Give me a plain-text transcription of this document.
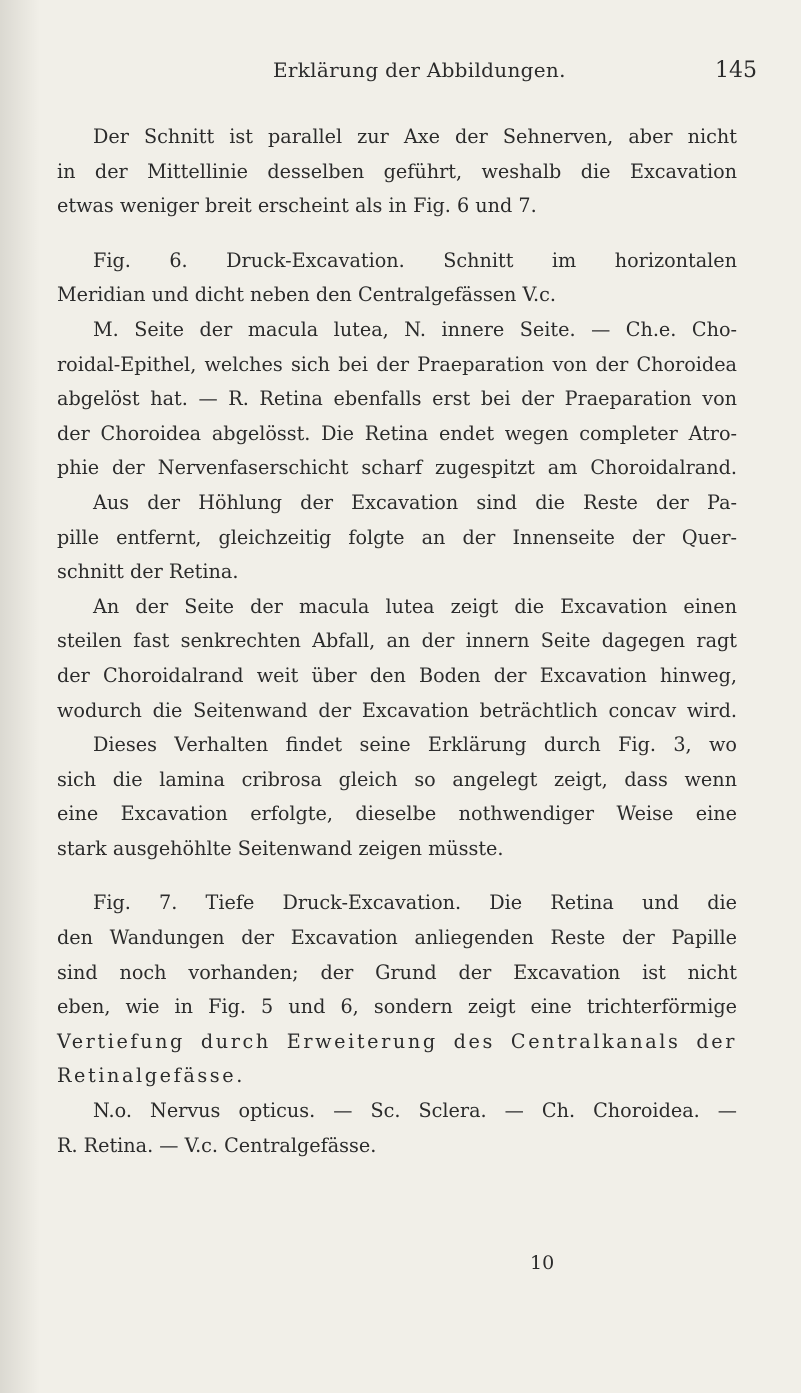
Erklärung der Abbildungen.	145

Der Schnitt ist parallel zur Axe der Sehnerven, aber nicht
in der Mittellinie desselben geführt, weshalb die Excavation
etwas weniger breit erscheint als in Fig. 6 und 7.

Fig. 6. Druck-Excavation. Schnitt im horizontalen
Meridian und dicht neben den Centralgefässen V.c.
M. Seite der macula lutea, N. innere Seite. — Ch.e. Cho-
roidal-Epithel, welches sich bei der Praeparation von der Choroidea
abgelöst hat. — R. Retina ebenfalls erst bei der Praeparation von
der Choroidea abgelösst. Die Retina endet wegen completer Atro-
phie der Nervenfaserschicht scharf zugespitzt am Choroidalrand.
Aus der Höhlung der Excavation sind die Reste der Pa-
pille entfernt, gleichzeitig folgte an der Innenseite der Quer-
schnitt der Retina.

An der Seite der macula lutea zeigt die Excavation einen
steilen fast senkrechten Abfall, an der innern Seite dagegen ragt
der Choroidalrand weit über den Boden der Excavation hinweg,
wodurch die Seitenwand der Excavation beträchtlich concav wird.
Dieses Verhalten findet seine Erklärung durch Fig. 3, wo
sich die lamina cribrosa gleich so angelegt zeigt, dass wenn
eine Excavation erfolgte, dieselbe nothwendiger Weise eine
stark ausgehöhlte Seitenwand zeigen müsste.

Fig. 7. Tiefe Druck-Excavation. Die Retina und die
den Wandungen der Excavation anliegenden Reste der Papille
sind noch vorhanden; der Grund der Excavation ist nicht
eben, wie in Fig. 5 und 6, sondern zeigt eine trichterförmige
Vertiefung durch Erweiterung des Centralkanals der
Retinalgefässe.

N.o. Nervus opticus. — Sc. Sclera. — Ch. Choroidea. —
R. Retina. — V.c. Centralgefässe.

10
